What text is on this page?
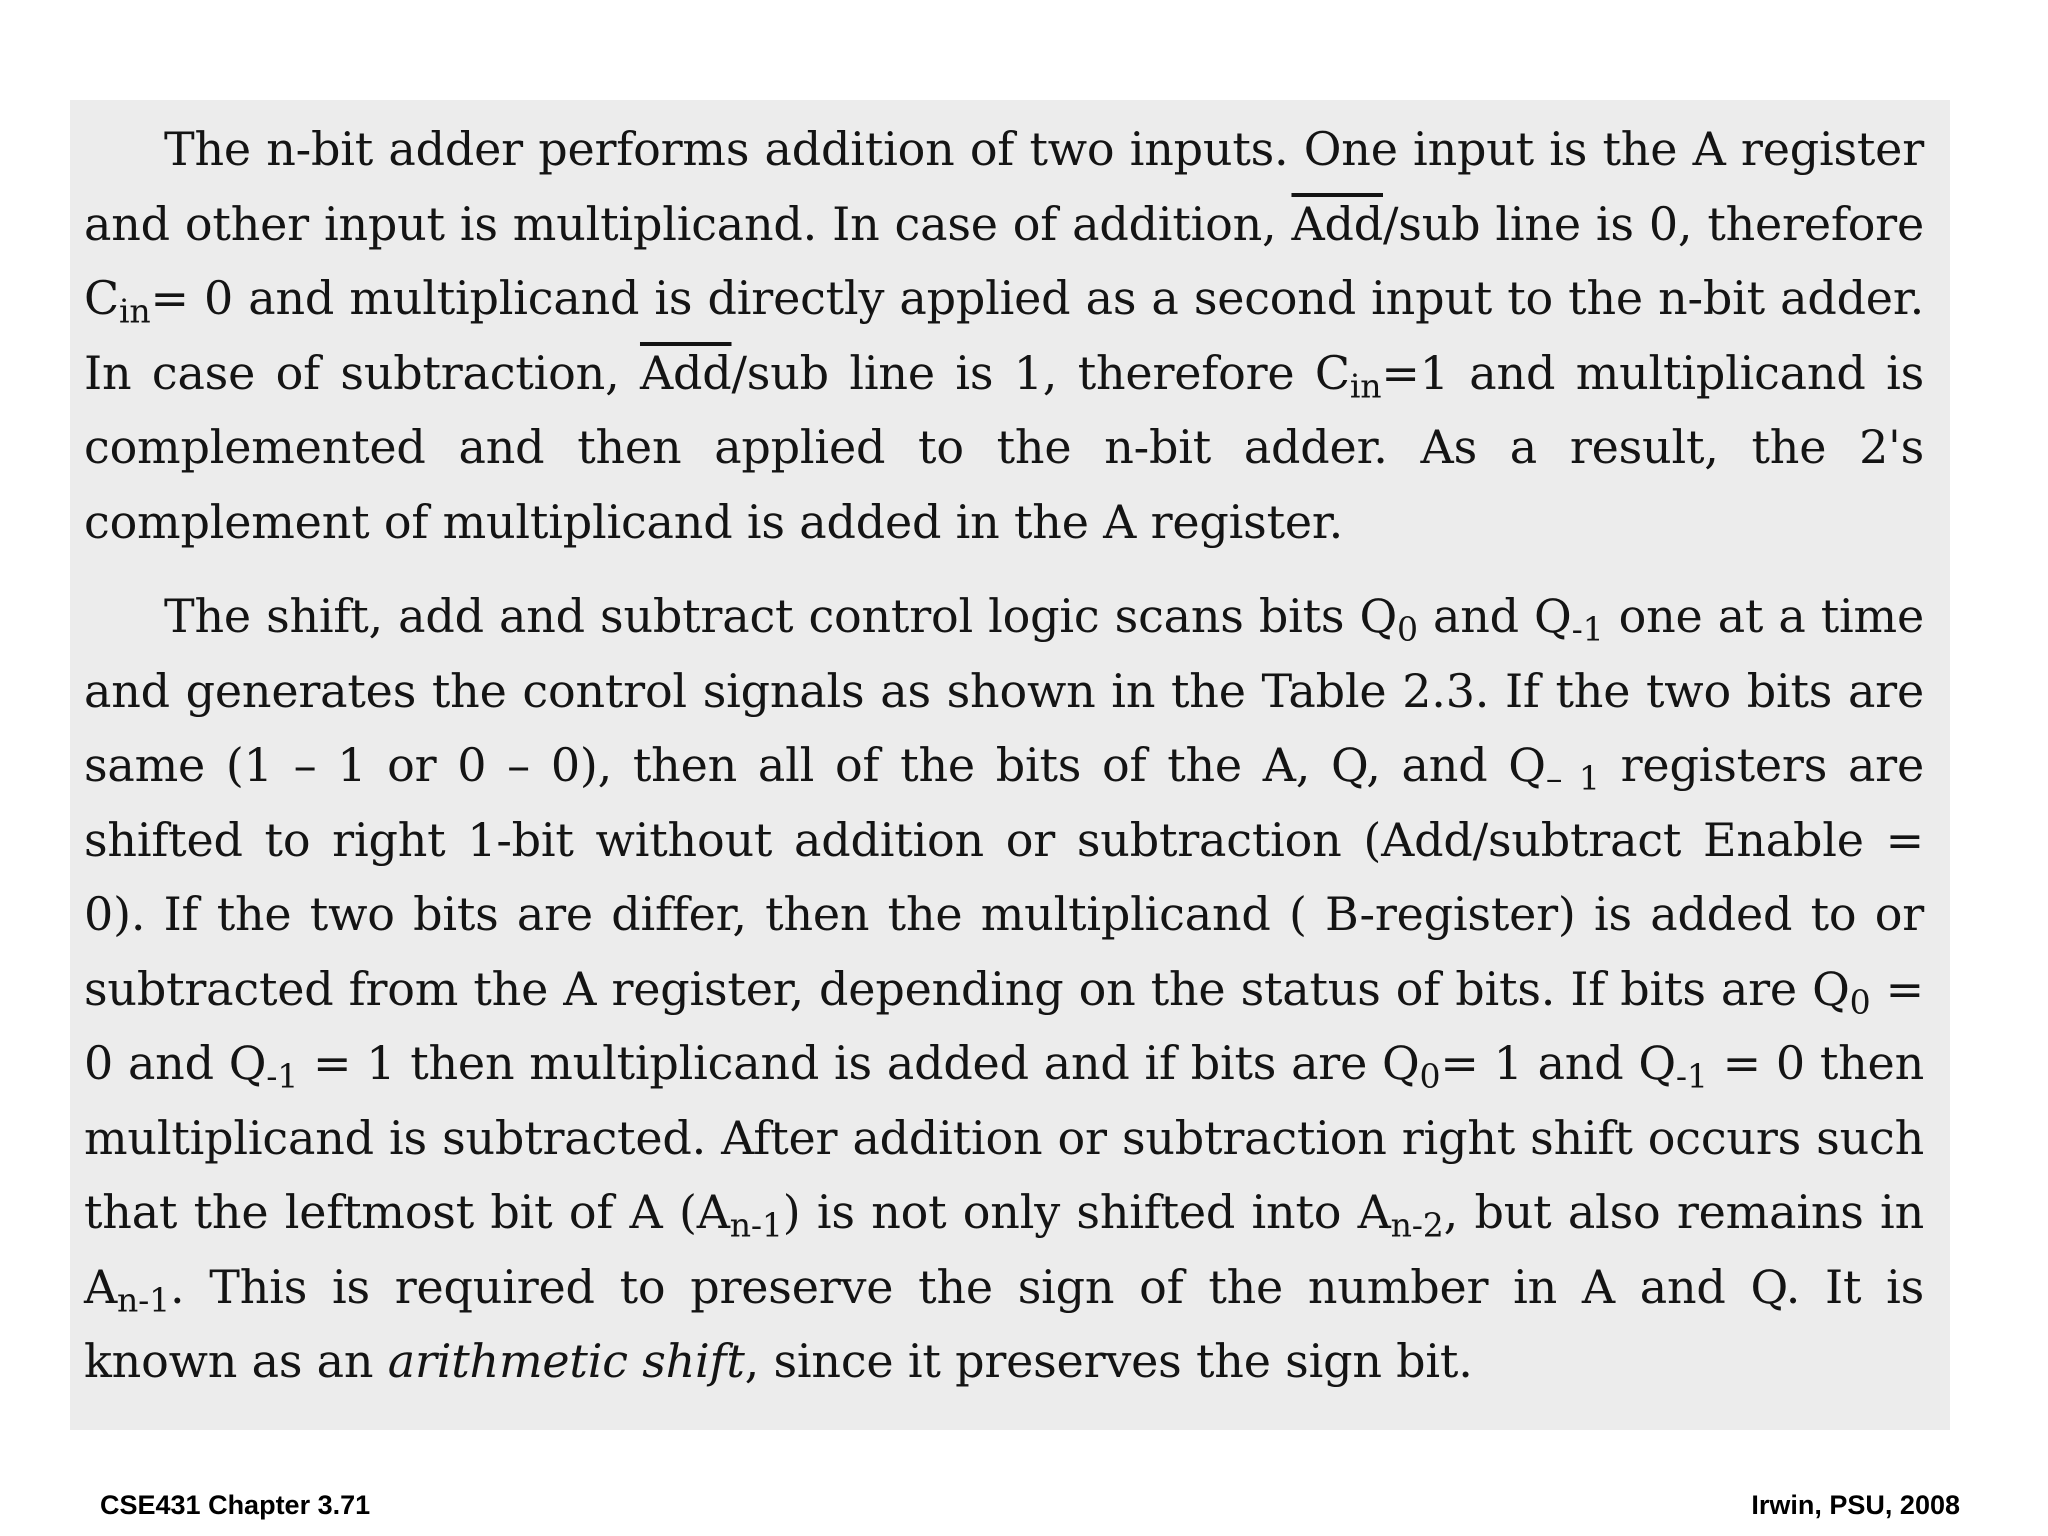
The n-bit adder performs addition of two inputs. One input is the A register and other input is multiplicand. In case of addition, $\overline{Add}$/sub line is 0, therefore $C_{in}= 0$ and multiplicand is directly applied as a second input to the n-bit adder. In case of subtraction, $\overline{Add}$/sub line is 1, therefore $C_{in}=1$ and multiplicand is complemented and then applied to the n-bit adder. As a result, the 2's complement of multiplicand is added in the A register.

The shift, add and subtract control logic scans bits $Q_0$ and $Q_{-1}$ one at a time and generates the control signals as shown in the Table 2.3. If the two bits are same (1 – 1 or 0 – 0), then all of the bits of the A, Q, and $Q_{- 1}$ registers are shifted to right 1-bit without addition or subtraction (Add/subtract Enable = 0). If the two bits are differ, then the multiplicand ( B-register) is added to or subtracted from the A register, depending on the status of bits. If bits are $Q_0 = 0$ and $Q_{-1} = 1$ then multiplicand is added and if bits are $Q_0= 1$ and $Q_{-1} = 0$ then multiplicand is subtracted. After addition or subtraction right shift occurs such that the leftmost bit of A $(A_{n-1})$ is not only shifted into $A_{n-2}$, but also remains in $A_{n-1}$. This is required to preserve the sign of the number in A and Q. It is known as an arithmetic shift, since it preserves the sign bit.

CSE431 Chapter 3.71	Irwin, PSU, 2008
